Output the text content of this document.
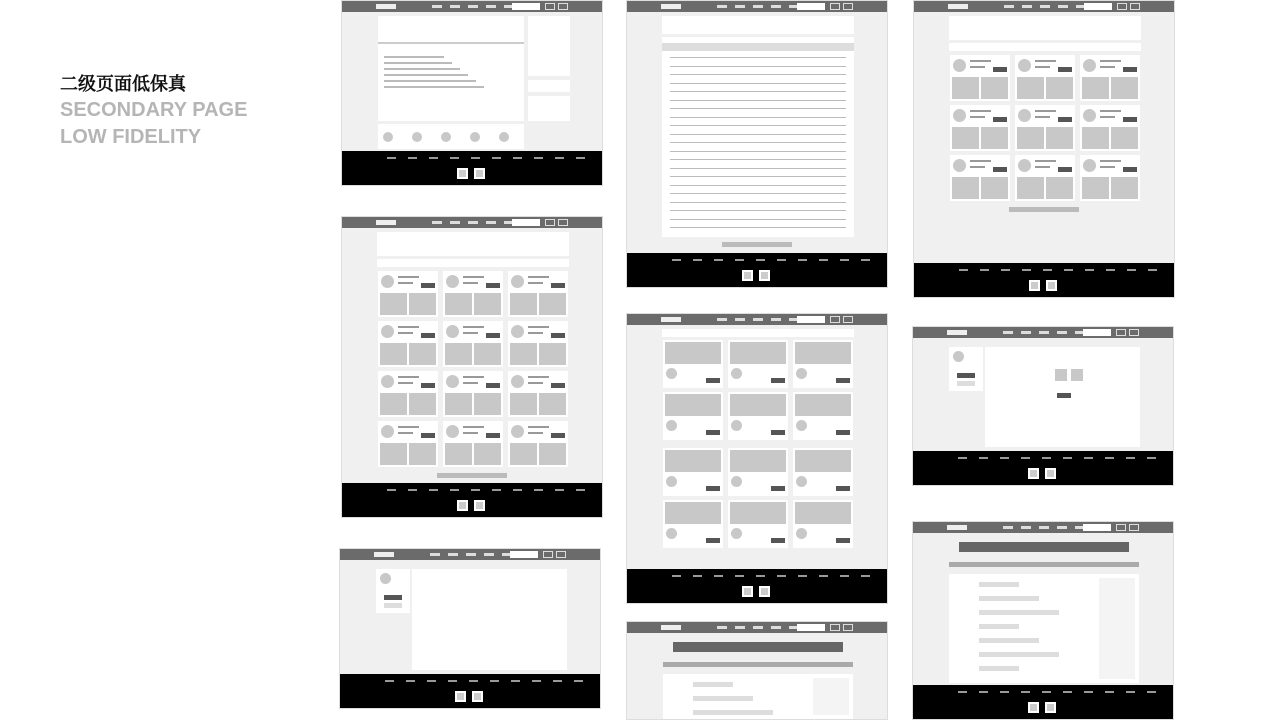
二级页面低保真
SECONDARY PAGE
LOW FIDELITY
